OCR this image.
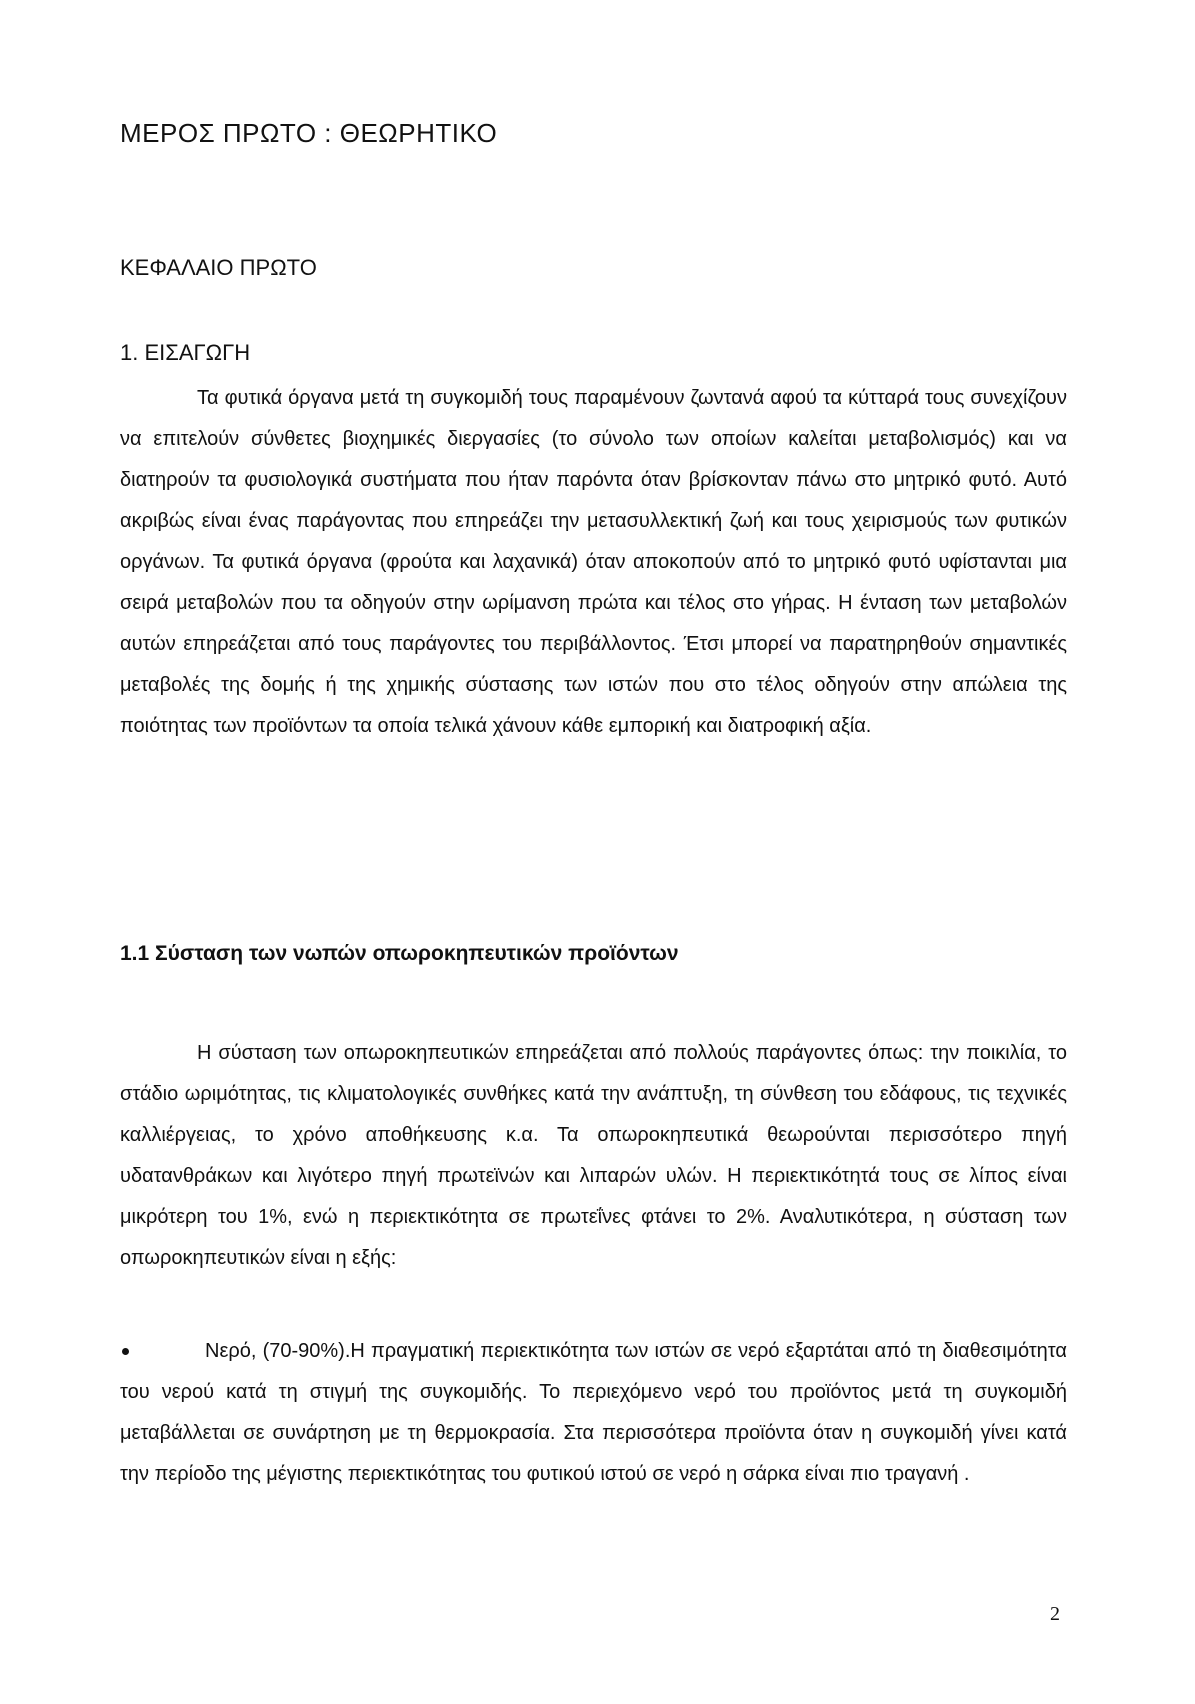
ΜΕΡΟΣ ΠΡΩΤΟ : ΘΕΩΡΗΤΙΚΟ
ΚΕΦΑΛΑΙΟ ΠΡΩΤΟ
1. ΕΙΣΑΓΩΓΗ

Τα φυτικά όργανα μετά τη συγκομιδή τους παραμένουν ζωντανά αφού τα κύτταρά τους συνεχίζουν να επιτελούν σύνθετες βιοχημικές διεργασίες (το σύνολο των οποίων καλείται μεταβολισμός) και να διατηρούν τα φυσιολογικά συστήματα που ήταν παρόντα όταν βρίσκονταν πάνω στο μητρικό φυτό. Αυτό ακριβώς είναι ένας παράγοντας που επηρεάζει την μετασυλλεκτική ζωή και τους χειρισμούς των φυτικών οργάνων. Τα φυτικά όργανα (φρούτα και λαχανικά) όταν αποκοπούν από το μητρικό φυτό υφίστανται μια σειρά μεταβολών που τα οδηγούν στην ωρίμανση πρώτα και τέλος στο γήρας. Η ένταση των μεταβολών αυτών επηρεάζεται από τους παράγοντες του περιβάλλοντος. Έτσι μπορεί να παρατηρηθούν σημαντικές μεταβολές της δομής ή της χημικής σύστασης των ιστών που στο τέλος οδηγούν στην απώλεια της ποιότητας των προϊόντων τα οποία τελικά χάνουν κάθε εμπορική και διατροφική αξία.

1.1 Σύσταση των νωπών οπωροκηπευτικών προϊόντων

Η σύσταση των οπωροκηπευτικών επηρεάζεται από πολλούς παράγοντες όπως: την ποικιλία, το στάδιο ωριμότητας, τις κλιματολογικές συνθήκες κατά την ανάπτυξη, τη σύνθεση του εδάφους, τις τεχνικές καλλιέργειας, το χρόνο αποθήκευσης κ.α. Τα οπωροκηπευτικά θεωρούνται περισσότερο πηγή υδατανθράκων και λιγότερο πηγή πρωτεϊνών και λιπαρών υλών. Η περιεκτικότητά τους σε λίπος είναι μικρότερη του 1%, ενώ η περιεκτικότητα σε πρωτεΐνες φτάνει το 2%. Αναλυτικότερα, η σύσταση των οπωροκηπευτικών είναι η εξής:

Νερό, (70-90%).Η πραγματική περιεκτικότητα των ιστών σε νερό εξαρτάται από τη διαθεσιμότητα του νερού κατά τη στιγμή της συγκομιδής. Το περιεχόμενο νερό του προϊόντος μετά τη συγκομιδή μεταβάλλεται σε συνάρτηση με τη θερμοκρασία. Στα περισσότερα προϊόντα όταν η συγκομιδή γίνει κατά την περίοδο της μέγιστης περιεκτικότητας του φυτικού ιστού σε νερό η σάρκα είναι πιο τραγανή .

2
